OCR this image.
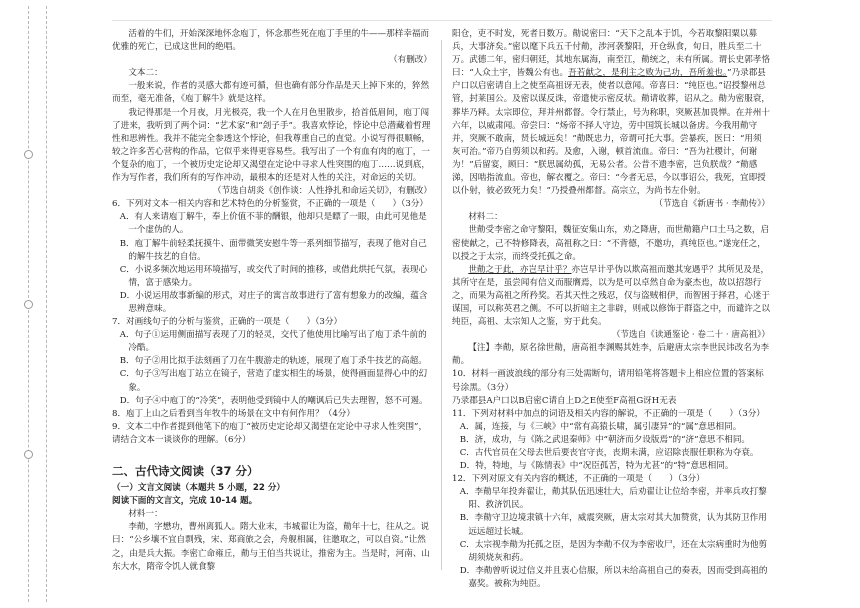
活着的牛们，开始深深地怀念庖丁，怀念那些死在庖丁手里的牛——那样幸福而优雅的死亡，已成这世间的绝唱。

（有删改）

文本二：

一般来说，作者的灵感大都有迹可循，但也确有部分作品是天上掉下来的，猝然而至，毫无准备，《庖丁解牛》就是这样。

我记得那是一个月夜，月光极亮，我一个人在月色里散步，拾首低眉间，庖丁闯了进来，我听到了两个词：“艺术家”和“刽子手”。我喜欢悖论，悖论中总潜藏着哲理性和思辨性。我并不能完全参透这个悖论，但我尊重自己的直觉。小说写得很顺畅，较之许多苦心营构的作品，它似乎来得更容易些。我写出了一个有血有肉的庖丁，一个复杂的庖丁，一个被历史定论却又渴望在定论中寻求人性突围的庖丁……说到底，作为写作者，我们所有的写作冲动，最根本的还是对人性的关注，对命运的关切。

（节选自胡炎《创作谈：人性挣扎和命运关切》，有删改）

6．下列对文本一相关内容和艺术特色的分析鉴赏，不正确的一项是（　　）（3分）

A．有人来请庖丁解牛，奉上价值不菲的酬银，他却只是瞟了一眼，由此可见他是一个虚伪的人。

B．庖丁解牛前轻柔抚摸牛、面带微笑安慰牛等一系列细节描写，表现了他对自己的解牛技艺的自信。

C．小说多频次地运用环境描写，或交代了时间的推移，或借此烘托气氛，表现心情，富于感染力。

D．小说运用故事新编的形式，对庄子的寓言故事进行了富有想象力的改编，蕴含思辨意味。

7．对画线句子的分析与鉴赏，正确的一项是（　　）（3分）

A．句子①运用侧面描写表现了刀的轻灵，交代了他使用比喻写出了庖丁杀牛前的冷酷。

B．句子②用比拟手法刻画了刀在牛腹游走的轨迹，展现了庖丁杀牛技艺的高超。

C．句子③写出庖丁站立在镜子，营造了虚实相生的场景，使得画面显得心中的幻象。

D．句子④中庖丁的“冷笑”，表明他受到镜中人的嘲讽后已失去理智，怒不可遏。

8．庖丁上山之后看到当年牧牛的场景在文中有何作用？（4分）

9．文本二中作者提到他笔下的庖丁“被历史定论却又渴望在定论中寻求人性突围”，请结合文本一谈谈你的理解。（6分）

二、古代诗文阅读（37 分）

（一）文言文阅读（本题共 5 小题，22 分）

阅读下面的文言文，完成 10-14 题。

材料一：

李勣，字懋功，曹州离狐人。隋大业末，韦城翟让为盗，勣年十七，往从之。说曰：“公乡壤不宜自剽残，宋、郑商旅之会，舟舰相属，往邀取之，可以自资。”让然之，由是兵大振。李密亡命雍丘，勣与王伯当共说让，推密为主。当是时，河南、山东大水，隋帝令饥人就食黎

阳仓，吏不时发，死者日数万。勣说密曰：“天下之乱本于饥，今若取黎阳粟以募兵，大事济矣。”密以麾下兵五千付勣，涉河袭黎阳，开仓纵食，旬日，胜兵至二十万。武德二年，密归朝廷，其地东属海，南至江，勣统之，未有所属。谓长史郭孝恪曰：“人众土宇，皆魏公有也。吾若献之，是利主之败为己功，吾所羞也。”乃录郡县户口以启密请自上之使至高祖讶无表，使者以意闻。帝喜曰：“纯臣也。”诏授黎州总管，封莱国公。及密以谋反诛，帝遣使示密反状。勣请收葬，诏从之。勣为密服衰，葬毕乃释。太宗即位，拜并州都督。令行禁止，号为称职，突厥甚加畏惮。在并州十六年，以威肃闻。帝尝曰：“炀帝不择人守边，劳中国筑长城以备虏。今我用勣守并，突厥不敢南，贤长城远矣！”勣既忠力，帝谓可托大事。尝暴疾，医曰：“用须灰可治。”帝乃自剪须以和药。及愈，入谢，顿首流血。帝曰：“吾为社稷计，何谢为！”后留宴，顾曰：“朕思属幼孤，无易公者。公昔不遗李密，岂负朕哉？”勣感涕，因啮指流血。帝也，解衣覆之。帝曰：“今者无忌，今以事诏公，我死，宜即授以仆射，彼必致死力矣！”乃授叠州都督。高宗立，为尚书左仆射。

（节选自《新唐书 · 李勣传》）

材料二：

世勣受李密之命守黎阳，魏征安集山东，劝之降唐，而世勣籍户口土马之数，启密使献之，己不特修降表，高祖称之曰：“不背德，不邀功，真纯臣也。”遂宠任之，以授之于太宗，而终受托孤之命。

世勣之于此，亦岂早计乎？亦岂早计乎伪以欺高祖而邀其宠遇乎？其所见及是，其所守在是，虽尝闻有信义而服膺焉，以为是可以卓然自命为豪杰也，故以招怨行之，而果为高祖之所矜奖。若其天性之残忍，仅与盗贼相伊，而智困于择君，心迷于谋国，可以称英君之侧。不可以折暗主之非辟，则戒以修饰于群盗之中，而谴许之以纯臣，高祖、太宗知人之鉴，穷于此矣。

（节选自《读通鉴论 · 卷二十 · 唐高祖》）

【注】李勣，原名徐世勣，唐高祖李渊赐其姓李，后避唐太宗李世民讳改名为李勣。

10．材料一画波浪线的部分有三处需断句，请用铅笔将答题卡上相应位置的答案标号涂黑。（3分）

乃录郡县A户口以B启密C请自上D之E使至F高祖G讶H无表

11．下列对材料中加点的词语及相关内容的解说，不正确的一项是（　　）（3分）

A．属，连接，与《三峡》中“常有高猿长啸，属引凄异”的“属”意思相同。

B．济，成功，与《陈之武退秦师》中“朝济而夕设版焉”的“济”意思不相同。

C．古代官员在父母去世后要丧官守丧，丧期未满，应诏除丧服任职称为夺衰。

D．特，特地，与《陈情表》中“况臣孤苦，特为尤甚”的“特”意思相同。

12．下列对原文有关内容的概述，不正确的一项是（　　）（3分）

A．李勣早年投奔翟让，勣其队伍迅速壮大，后劝翟让让位给李密，并率兵攻打黎阳、救济饥民。

B．李勣守卫边境隶镇十六年，威震突厥，唐太宗对其大加赞赏，认为其防卫作用远远超过长城。

C．太宗视李勣为托孤之臣，是因为李勣不仅为李密收尸，还在太宗病重时为他剪胡须烧灰和药。

D．李勣曾听说过信义并且衷心信服，所以未给高祖自己的奏表，因而受到高祖的嘉奖。被称为纯臣。
